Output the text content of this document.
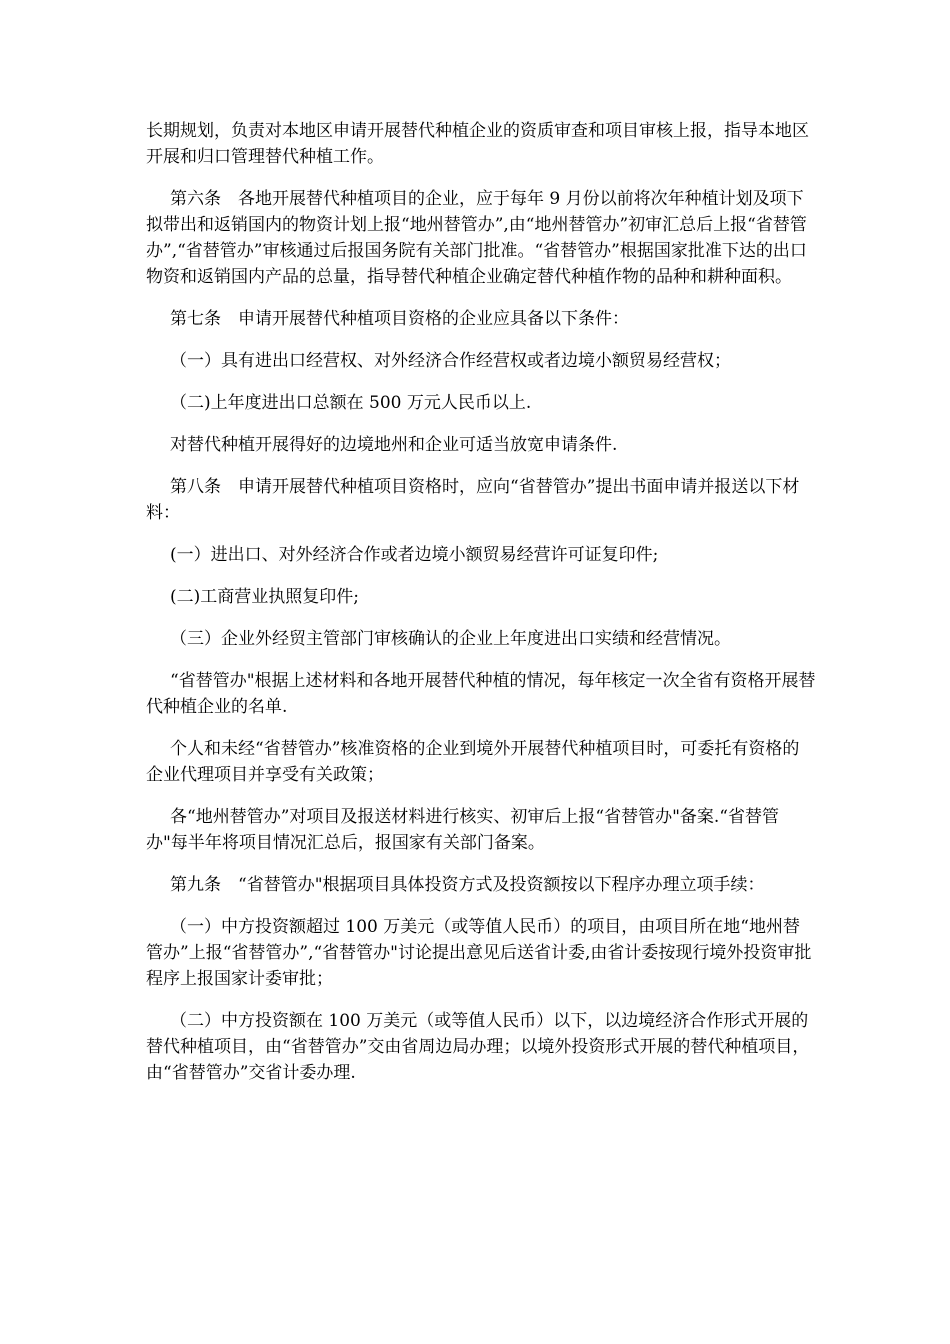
长期规划，负责对本地区申请开展替代种植企业的资质审查和项目审核上报，指导本地区开展和归口管理替代种植工作。

第六条　各地开展替代种植项目的企业，应于每年 9 月份以前将次年种植计划及项下拟带出和返销国内的物资计划上报“地州替管办”,由“地州替管办”初审汇总后上报“省替管办”,“省替管办”审核通过后报国务院有关部门批准。“省替管办”根据国家批准下达的出口物资和返销国内产品的总量，指导替代种植企业确定替代种植作物的品种和耕种面积。

第七条　申请开展替代种植项目资格的企业应具备以下条件：

（一）具有进出口经营权、对外经济合作经营权或者边境小额贸易经营权；

（二)上年度进出口总额在 500 万元人民币以上.

对替代种植开展得好的边境地州和企业可适当放宽申请条件.

第八条　申请开展替代种植项目资格时，应向“省替管办”提出书面申请并报送以下材料：

(一）进出口、对外经济合作或者边境小额贸易经营许可证复印件;

(二)工商营业执照复印件;

（三）企业外经贸主管部门审核确认的企业上年度进出口实绩和经营情况。

“省替管办"根据上述材料和各地开展替代种植的情况，每年核定一次全省有资格开展替代种植企业的名单.

个人和未经“省替管办”核准资格的企业到境外开展替代种植项目时，可委托有资格的企业代理项目并享受有关政策；

各“地州替管办”对项目及报送材料进行核实、初审后上报“省替管办"备案.“省替管办"每半年将项目情况汇总后，报国家有关部门备案。

第九条　“省替管办"根据项目具体投资方式及投资额按以下程序办理立项手续：

（一）中方投资额超过 100 万美元（或等值人民币）的项目，由项目所在地“地州替管办”上报“省替管办”,“省替管办"讨论提出意见后送省计委,由省计委按现行境外投资审批程序上报国家计委审批；

（二）中方投资额在 100 万美元（或等值人民币）以下，以边境经济合作形式开展的替代种植项目，由“省替管办”交由省周边局办理；以境外投资形式开展的替代种植项目，由“省替管办”交省计委办理.
